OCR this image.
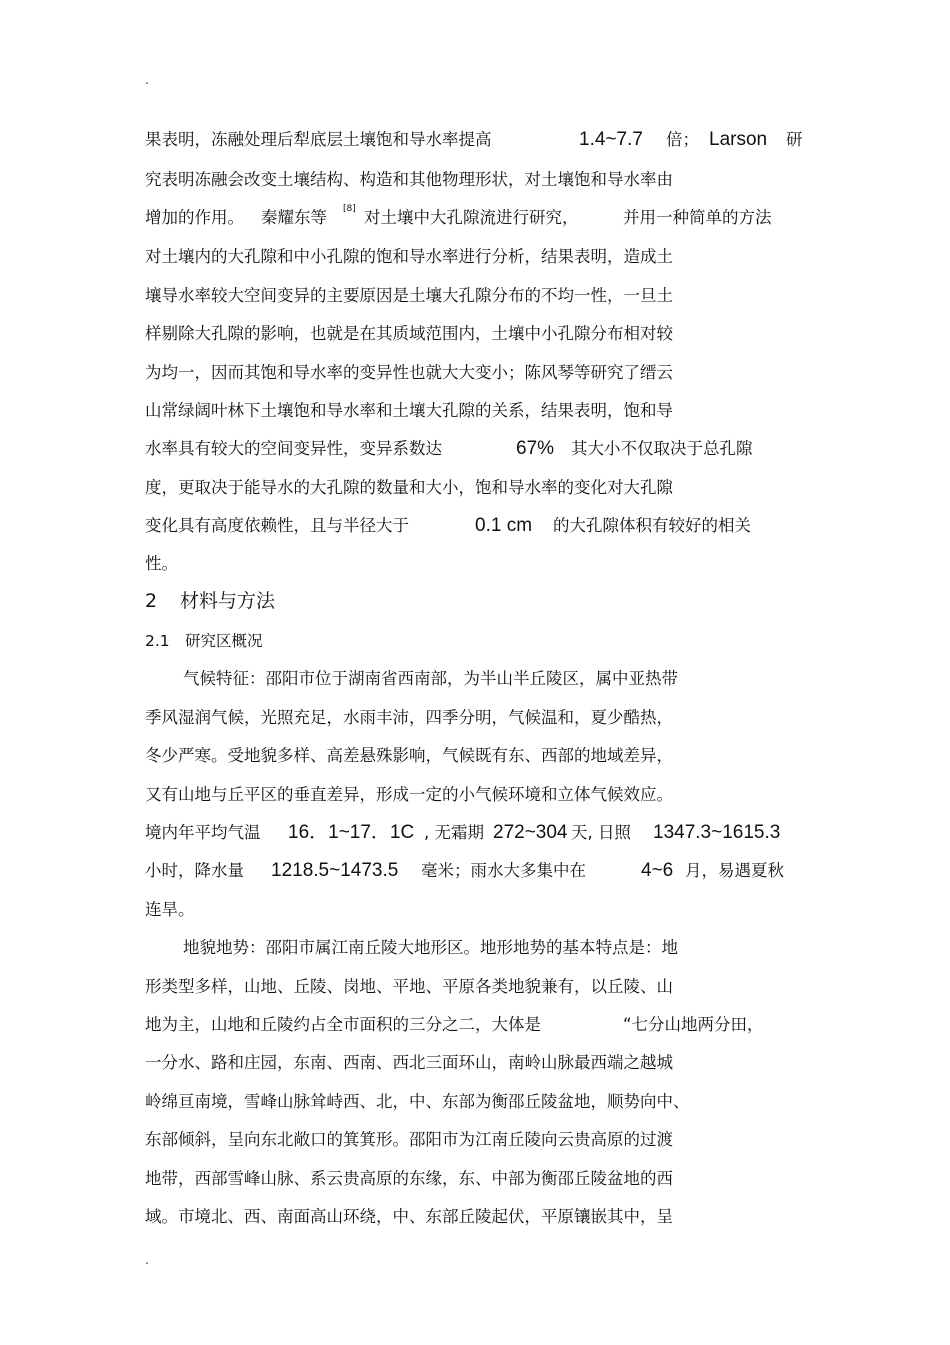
.
果表明，冻融处理后犁底层土壤饱和导水率提高	1.4~7.7 倍； Larson 研
究表明冻融会改变土壤结构、构造和其他物理形状，对土壤饱和导水率由
增加的作用。 秦耀东等 [8] 对土壤中大孔隙流进行研究，	并用一种简单的方法
对土壤内的大孔隙和中小孔隙的饱和导水率进行分析，结果表明，造成土
壤导水率较大空间变异的主要原因是土壤大孔隙分布的不均一性，一旦土
样剔除大孔隙的影响，也就是在其质域范围内，土壤中小孔隙分布相对较
为均一，因而其饱和导水率的变异性也就大大变小；陈风琴等研究了缙云
山常绿阔叶林下土壤饱和导水率和土壤大孔隙的关系，结果表明，饱和导
水率具有较大的空间变异性，变异系数达	67% 其大小不仅取决于总孔隙
度，更取决于能导水的大孔隙的数量和大小，饱和导水率的变化对大孔隙
变化具有高度依赖性，且与半径大于	0.1 cm 的大孔隙体积有较好的相关
性。
2 材料与方法
2.1 研究区概况
气候特征：邵阳市位于湖南省西南部，为半山半丘陵区，属中亚热带
季风湿润气候，光照充足，水雨丰沛，四季分明，气候温和，夏少酷热，
冬少严寒。受地貌多样、高差悬殊影响，气候既有东、西部的地域差异，
又有山地与丘平区的垂直差异，形成一定的小气候环境和立体气候效应。
境内年平均气温 16．1~17．1C , 无霜期 272~304 天, 日照 1347.3~1615.3
小时，降水量 1218.5~1473.5 毫米；雨水大多集中在	4~6 月，易遇夏秋
连旱。
地貌地势：邵阳市属江南丘陵大地形区。地形地势的基本特点是：地
形类型多样，山地、丘陵、岗地、平地、平原各类地貌兼有，以丘陵、山
地为主，山地和丘陵约占全市面积的三分之二，大体是	“七分山地两分田，
一分水、路和庄园，东南、西南、西北三面环山，南岭山脉最西端之越城
岭绵亘南境，雪峰山脉耸峙西、北，中、东部为衡邵丘陵盆地，顺势向中、
东部倾斜，呈向东北敞口的箕箕形。邵阳市为江南丘陵向云贵高原的过渡
地带，西部雪峰山脉、系云贵高原的东缘，东、中部为衡邵丘陵盆地的西
域。市境北、西、南面高山环绕，中、东部丘陵起伏，平原镶嵌其中，呈
.
